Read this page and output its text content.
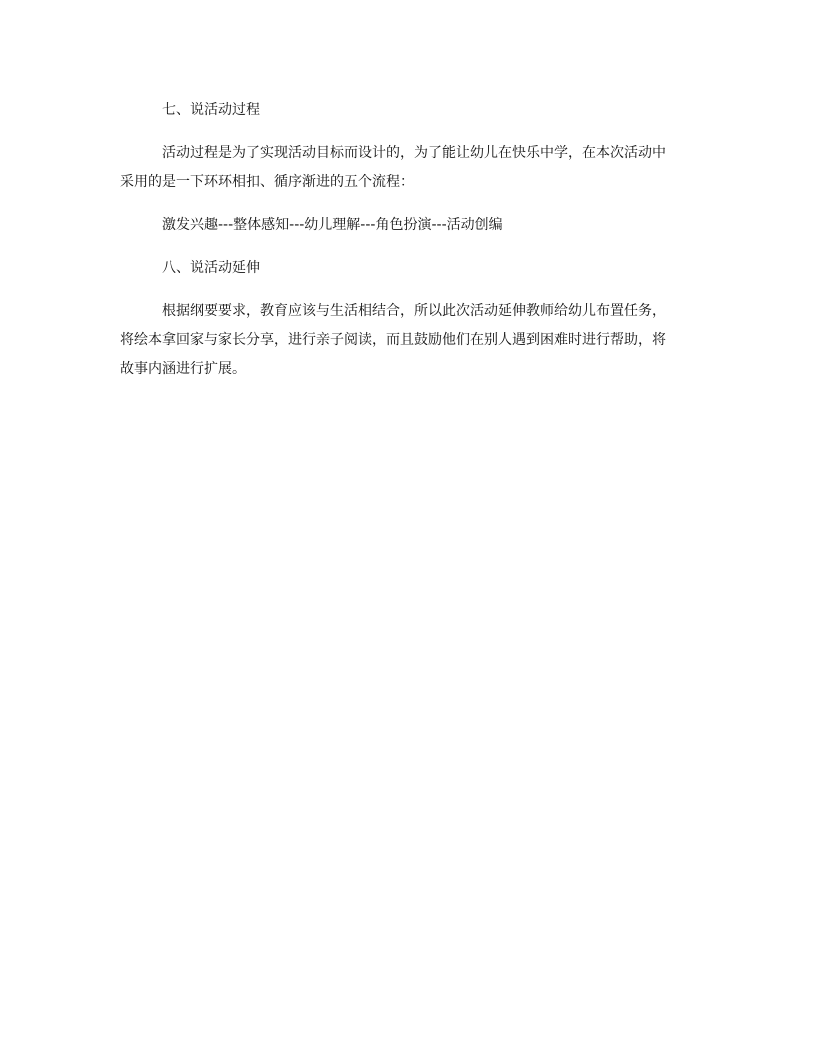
七、说活动过程

活动过程是为了实现活动目标而设计的，为了能让幼儿在快乐中学，在本次活动中
采用的是一下环环相扣、循序渐进的五个流程：

激发兴趣---整体感知---幼儿理解---角色扮演---活动创编

八、说活动延伸

根据纲要要求，教育应该与生活相结合，所以此次活动延伸教师给幼儿布置任务，
将绘本拿回家与家长分享，进行亲子阅读，而且鼓励他们在别人遇到困难时进行帮助，将
故事内涵进行扩展。
